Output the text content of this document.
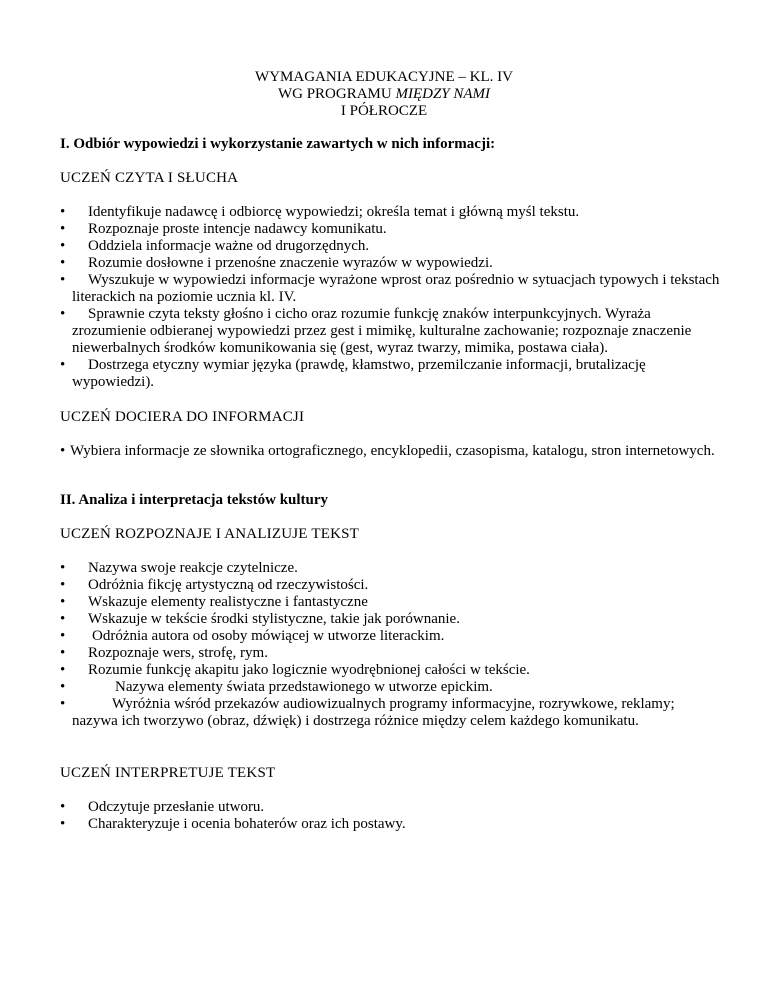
WYMAGANIA EDUKACYJNE – KL. IV
WG PROGRAMU MIĘDZY NAMI
I PÓŁROCZE
I. Odbiór wypowiedzi i wykorzystanie zawartych w nich informacji:
UCZEŃ CZYTA I SŁUCHA
• Identyfikuje nadawcę i odbiorcę wypowiedzi; określa temat i główną myśl tekstu.
• Rozpoznaje proste intencje nadawcy komunikatu.
• Oddziela informacje ważne od drugorzędnych.
• Rozumie dosłowne i przenośne znaczenie wyrazów w wypowiedzi.
• Wyszukuje w wypowiedzi informacje wyrażone wprost oraz pośrednio w sytuacjach typowych i tekstach literackich na poziomie ucznia kl. IV.
• Sprawnie czyta teksty głośno i cicho oraz rozumie funkcję znaków interpunkcyjnych. Wyraża zrozumienie odbieranej wypowiedzi przez gest i mimikę, kulturalne zachowanie; rozpoznaje znaczenie niewerbalnych środków komunikowania się (gest, wyraz twarzy, mimika, postawa ciała).
• Dostrzega etyczny wymiar języka (prawdę, kłamstwo, przemilczanie informacji, brutalizację wypowiedzi).
UCZEŃ DOCIERA DO INFORMACJI
• Wybiera informacje ze słownika ortograficznego, encyklopedii, czasopisma, katalogu, stron internetowych.
II. Analiza i interpretacja tekstów kultury
UCZEŃ ROZPOZNAJE I ANALIZUJE TEKST
• Nazywa swoje reakcje czytelnicze.
• Odróżnia fikcję artystyczną od rzeczywistości.
• Wskazuje elementy realistyczne i fantastyczne
• Wskazuje w tekście środki stylistyczne, takie jak porównanie.
• Odróżnia autora od osoby mówiącej w utworze literackim.
• Rozpoznaje wers, strofę, rym.
• Rozumie funkcję akapitu jako logicznie wyodrębnionej całości w tekście.
• Nazywa elementy świata przedstawionego w utworze epickim.
• Wyróżnia wśród przekazów audiowizualnych programy informacyjne, rozrywkowe, reklamy; nazywa ich tworzywo (obraz, dźwięk) i dostrzega różnice między celem każdego komunikatu.
UCZEŃ INTERPRETUJE TEKST
• Odczytuje przesłanie utworu.
• Charakteryzuje i ocenia bohaterów oraz ich postawy.
